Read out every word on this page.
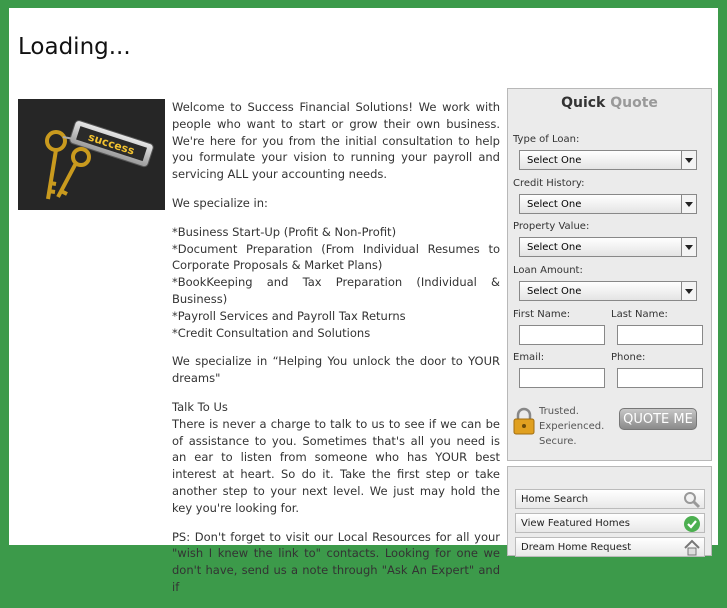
Loading...
success

Welcome to Success Financial Solutions! We work with people who want to start or grow their own business. We're here for you from the initial consultation to help you formulate your vision to running your payroll and servicing ALL your accounting needs.

We specialize in:

*Business Start-Up (Profit & Non-Profit)

*Document Preparation (From Individual Resumes to Corporate Proposals & Market Plans)

*BookKeeping and Tax Preparation (Individual & Business)

*Payroll Services and Payroll Tax Returns

*Credit Consultation and Solutions

We specialize in “Helping You unlock the door to YOUR dreams"

Talk To Us

There is never a charge to talk to us to see if we can be of assistance to you. Sometimes that's all you need is an ear to listen from someone who has YOUR best interest at heart. So do it. Take the first step or take another step to your next level. We just may hold the key you're looking for.

PS: Don't forget to visit our Local Resources for all your "wish I knew the link to" contacts. Looking for one we don't have, send us a note through "Ask An Expert" and if

Quick Quote
Type of Loan:
Select One
Credit History:
Select One
Property Value:
Select One
Loan Amount:
Select One
First Name:	Last Name:
Email:	Phone:
Trusted.
Experienced.
Secure.
QUOTE ME
Home Search
View Featured Homes
Dream Home Request
